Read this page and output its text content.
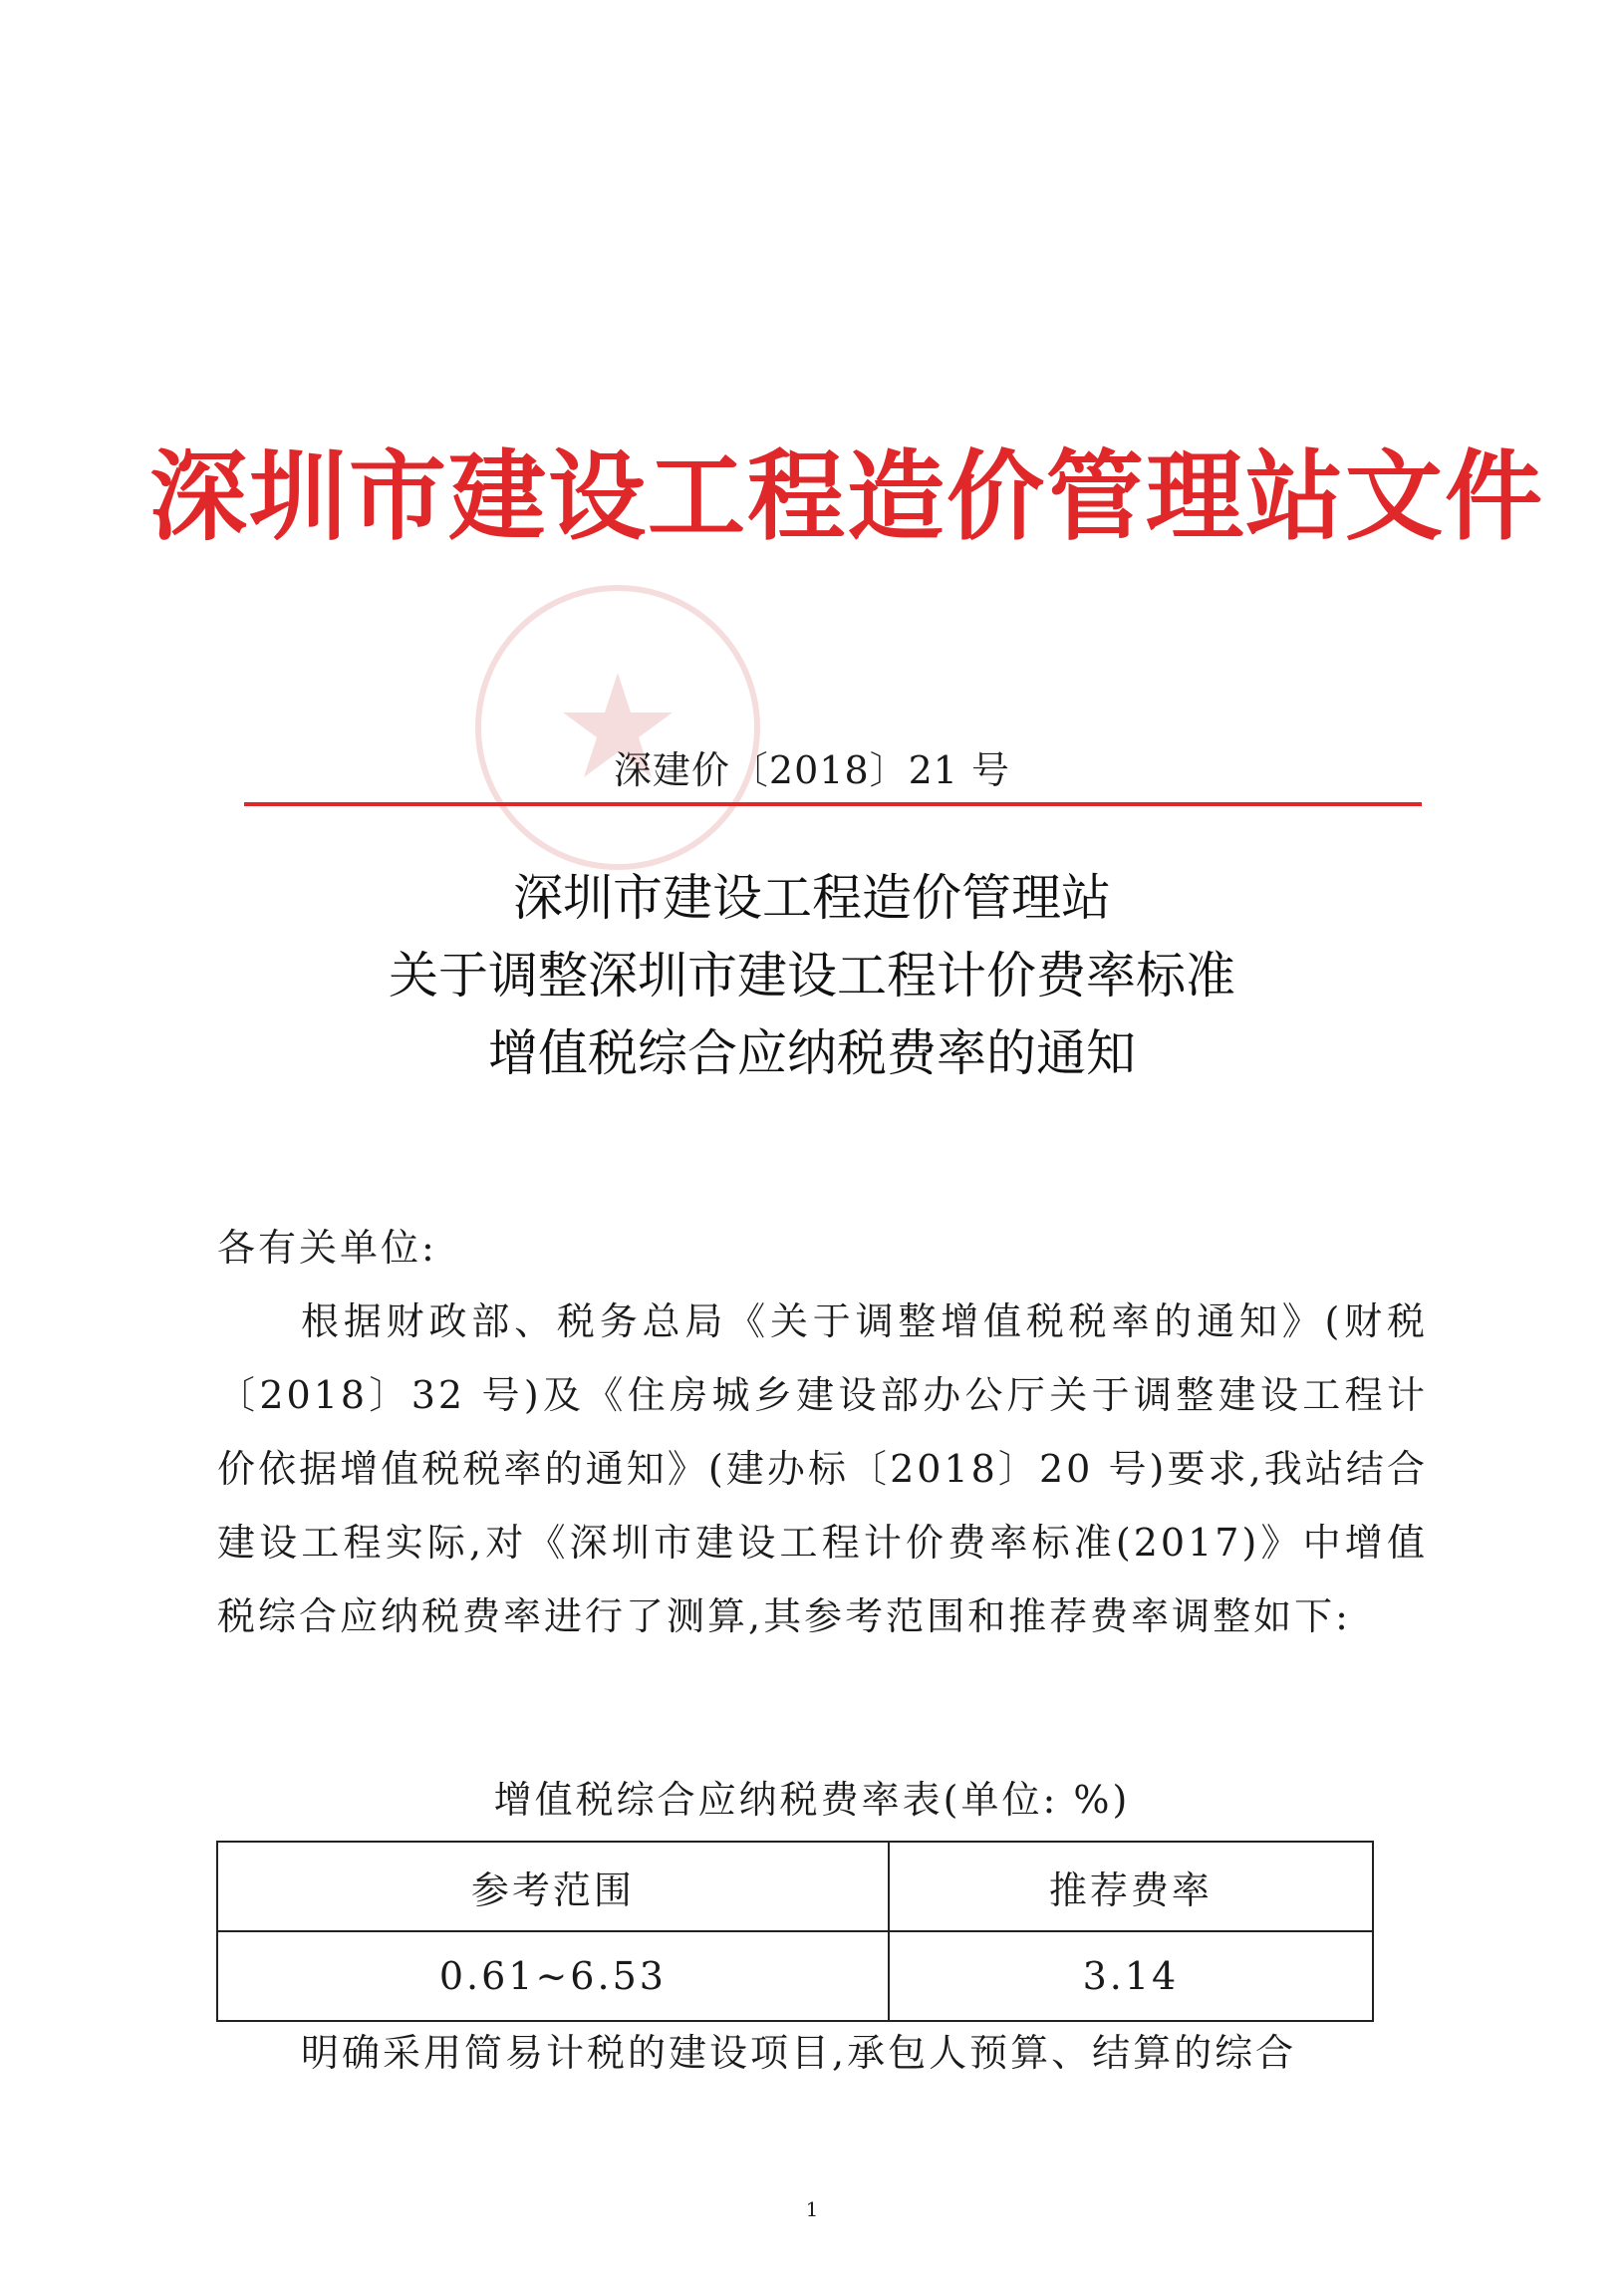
深圳市建设工程造价管理站文件
深建价〔2018〕21 号
深圳市建设工程造价管理站
关于调整深圳市建设工程计价费率标准
增值税综合应纳税费率的通知
各有关单位:
根据财政部、税务总局《关于调整增值税税率的通知》(财税〔2018〕32 号)及《住房城乡建设部办公厅关于调整建设工程计价依据增值税税率的通知》(建办标〔2018〕20 号)要求,我站结合建设工程实际,对《深圳市建设工程计价费率标准(2017)》中增值税综合应纳税费率进行了测算,其参考范围和推荐费率调整如下:
增值税综合应纳税费率表(单位: %)
参考范围	推荐费率
0.61~6.53	3.14
明确采用简易计税的建设项目,承包人预算、结算的综合
1
